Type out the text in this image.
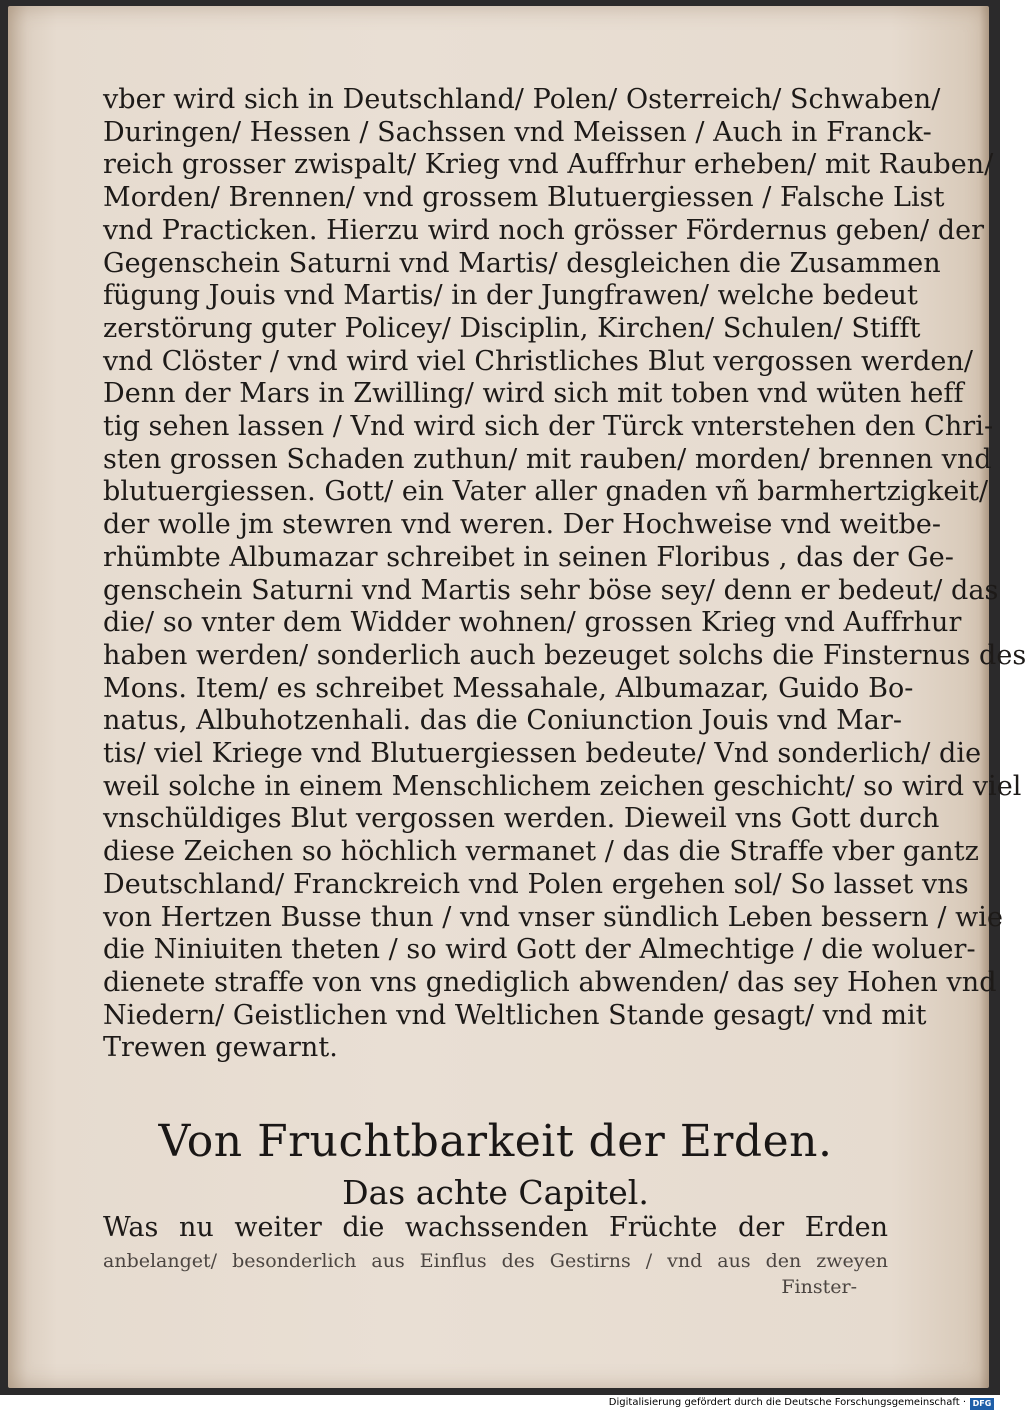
vber wird sich in Deutschland/ Polen/ Osterreich/ Schwaben/
Duringen/ Hessen / Sachssen vnd Meissen / Auch in Franck-
reich grosser zwispalt/ Krieg vnd Auffrhur erheben/ mit Rauben/
Morden/ Brennen/ vnd grossem Blutuergiessen / Falsche List
vnd Practicken. Hierzu wird noch grösser Fördernus geben/ der
Gegenschein Saturni vnd Martis/ desgleichen die Zusammen
fügung Jouis vnd Martis/ in der Jungfrawen/ welche bedeut
zerstörung guter Policey/ Disciplin, Kirchen/ Schulen/ Stifft
vnd Clöster / vnd wird viel Christliches Blut vergossen werden/
Denn der Mars in Zwilling/ wird sich mit toben vnd wüten heff
tig sehen lassen / Vnd wird sich der Türck vnterstehen den Chri-
sten grossen Schaden zuthun/ mit rauben/ morden/ brennen vnd
blutuergiessen. Gott/ ein Vater aller gnaden vñ barmhertzigkeit/
der wolle jm stewren vnd weren. Der Hochweise vnd weitbe-
rhümbte Albumazar schreibet in seinen Floribus , das der Ge-
genschein Saturni vnd Martis sehr böse sey/ denn er bedeut/ das
die/ so vnter dem Widder wohnen/ grossen Krieg vnd Auffrhur
haben werden/ sonderlich auch bezeuget solchs die Finsternus des
Mons. Item/ es schreibet Messahale, Albumazar, Guido Bo-
natus, Albuhotzenhali. das die Coniunction Jouis vnd Mar-
tis/ viel Kriege vnd Blutuergiessen bedeute/ Vnd sonderlich/ die
weil solche in einem Menschlichem zeichen geschicht/ so wird viel
vnschüldiges Blut vergossen werden. Dieweil vns Gott durch
diese Zeichen so höchlich vermanet / das die Straffe vber gantz
Deutschland/ Franckreich vnd Polen ergehen sol/ So lasset vns
von Hertzen Busse thun / vnd vnser sündlich Leben bessern / wie
die Niniuiten theten / so wird Gott der Almechtige / die woluer-
dienete straffe von vns gnediglich abwenden/ das sey Hohen vnd
Niedern/ Geistlichen vnd Weltlichen Stande gesagt/ vnd mit
Trewen gewarnt.
Von Fruchtbarkeit der Erden.
Das achte Capitel.
Was nu weiter die wachssenden Früchte der Erden
anbelanget/ besonderlich aus Einflus des Gestirns / vnd aus den zweyen
Finster-
Digitalisierung gefördert durch die Deutsche Forschungsgemeinschaft · DFG
